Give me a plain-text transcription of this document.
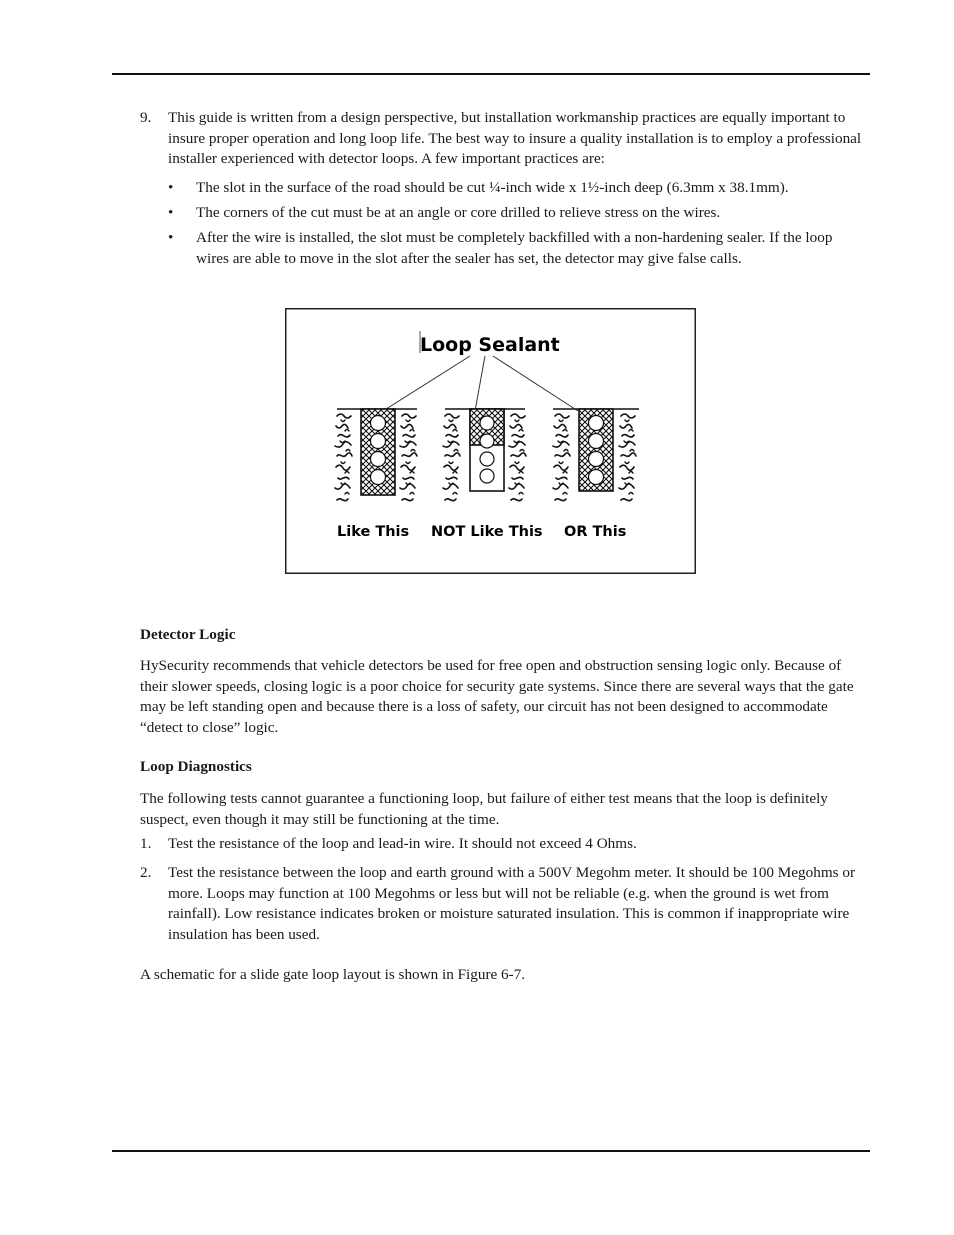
9. This guide is written from a design perspective, but installation workmanship practices are equally important to insure proper operation and long loop life. The best way to insure a quality installation is to employ a professional installer experienced with detector loops. A few important practices are:

• The slot in the surface of the road should be cut ¼-inch wide x 1½-inch deep (6.3mm x 38.1mm).

• The corners of the cut must be at an angle or core drilled to relieve stress on the wires.

• After the wire is installed, the slot must be completely backfilled with a non-hardening sealer. If the loop wires are able to move in the slot after the sealer has set, the detector may give false calls.

Loop Sealant
Like This NOT Like This OR This
Detector Logic

HySecurity recommends that vehicle detectors be used for free open and obstruction sensing logic only. Because of their slower speeds, closing logic is a poor choice for security gate systems. Since there are several ways that the gate may be left standing open and because there is a loss of safety, our circuit has not been designed to accommodate “detect to close” logic.

Loop Diagnostics

The following tests cannot guarantee a functioning loop, but failure of either test means that the loop is definitely suspect, even though it may still be functioning at the time.

1. Test the resistance of the loop and lead-in wire. It should not exceed 4 Ohms.

2. Test the resistance between the loop and earth ground with a 500V Megohm meter. It should be 100 Megohms or more. Loops may function at 100 Megohms or less but will not be reliable (e.g. when the ground is wet from rainfall). Low resistance indicates broken or moisture saturated insulation. This is common if inappropriate wire insulation has been used.

A schematic for a slide gate loop layout is shown in Figure 6-7.
